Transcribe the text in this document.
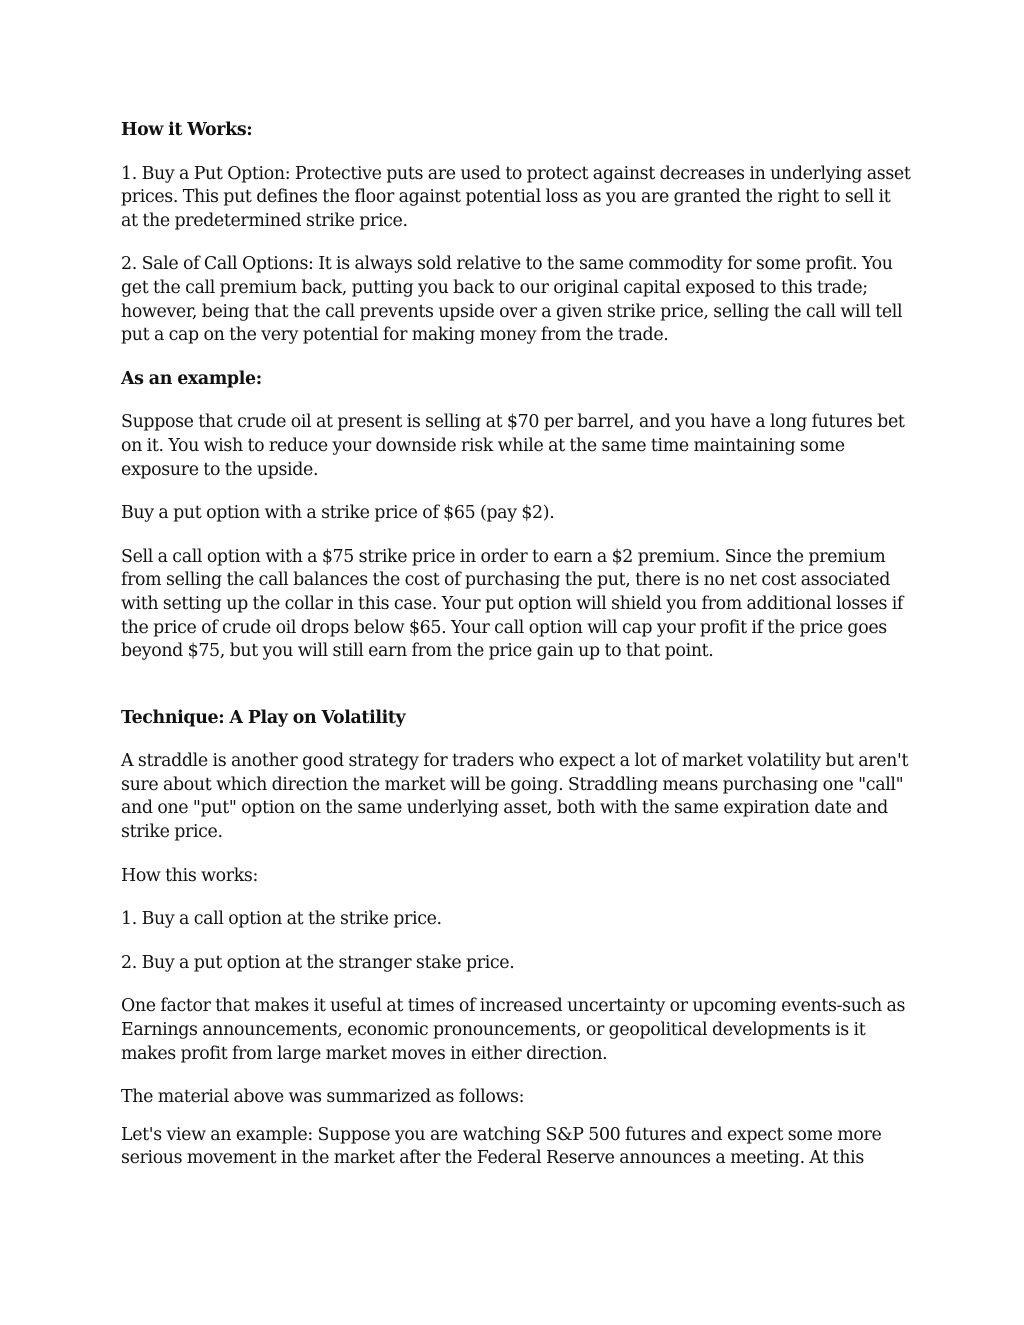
How it Works:

1. Buy a Put Option: Protective puts are used to protect against decreases in underlying asset prices. This put defines the floor against potential loss as you are granted the right to sell it at the predetermined strike price.

2. Sale of Call Options: It is always sold relative to the same commodity for some profit. You get the call premium back, putting you back to our original capital exposed to this trade; however, being that the call prevents upside over a given strike price, selling the call will tell put a cap on the very potential for making money from the trade.

As an example:

Suppose that crude oil at present is selling at $70 per barrel, and you have a long futures bet on it. You wish to reduce your downside risk while at the same time maintaining some exposure to the upside.

Buy a put option with a strike price of $65 (pay $2).

Sell a call option with a $75 strike price in order to earn a $2 premium. Since the premium from selling the call balances the cost of purchasing the put, there is no net cost associated with setting up the collar in this case. Your put option will shield you from additional losses if the price of crude oil drops below $65. Your call option will cap your profit if the price goes beyond $75, but you will still earn from the price gain up to that point.

Technique: A Play on Volatility

A straddle is another good strategy for traders who expect a lot of market volatility but aren't sure about which direction the market will be going. Straddling means purchasing one "call" and one "put" option on the same underlying asset, both with the same expiration date and strike price.

How this works:

1. Buy a call option at the strike price.

2. Buy a put option at the stranger stake price.

One factor that makes it useful at times of increased uncertainty or upcoming events-such as Earnings announcements, economic pronouncements, or geopolitical developments is it makes profit from large market moves in either direction.

The material above was summarized as follows:

Let's view an example: Suppose you are watching S&P 500 futures and expect some more serious movement in the market after the Federal Reserve announces a meeting. At this
